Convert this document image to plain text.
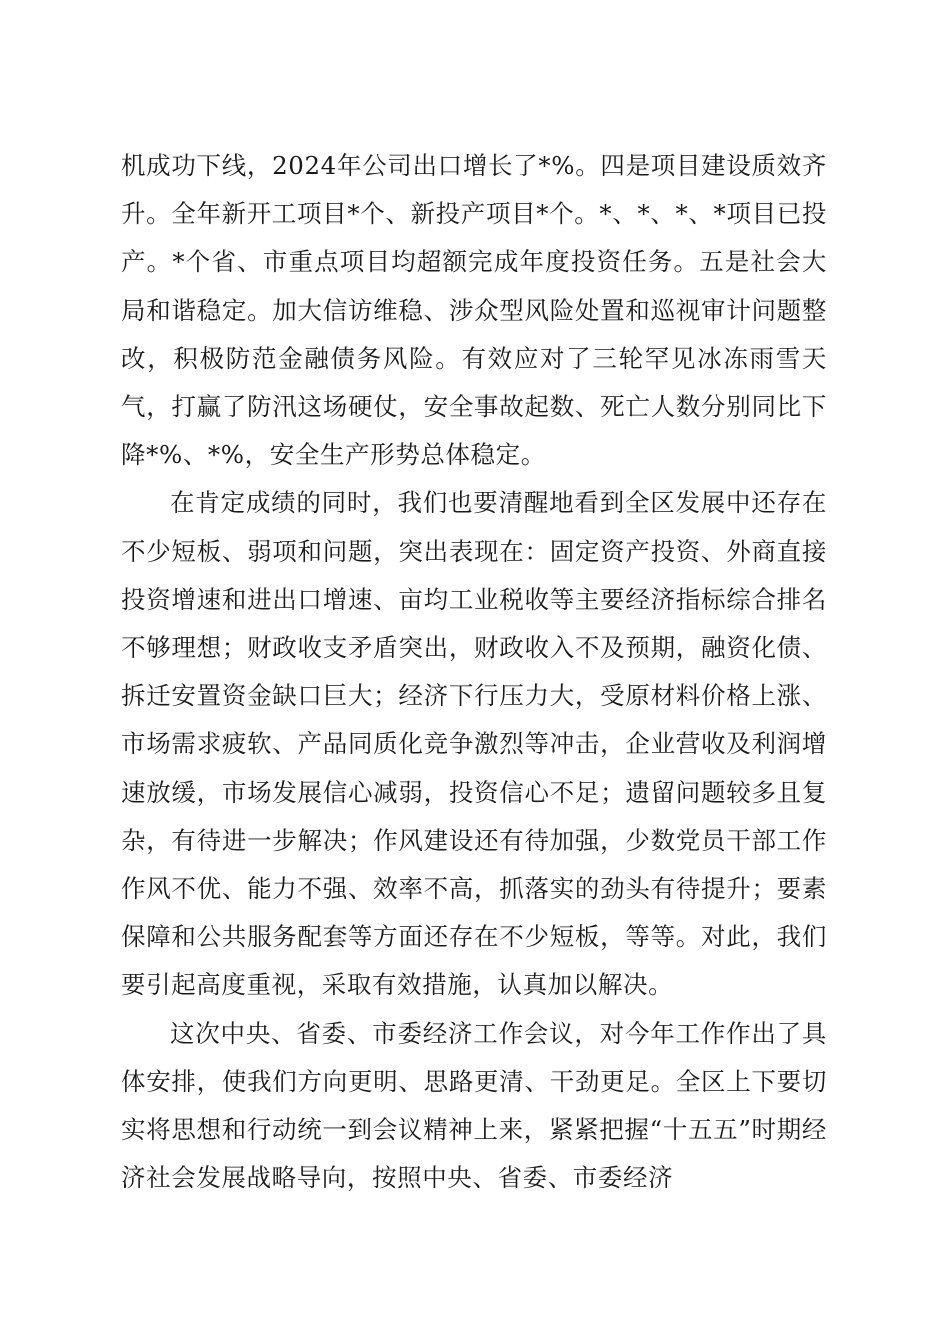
机成功下线，2024年公司出口增长了*%。四是项目建设质效齐升。全年新开工项目*个、新投产项目*个。*、*、*、*项目已投产。*个省、市重点项目均超额完成年度投资任务。五是社会大局和谐稳定。加大信访维稳、涉众型风险处置和巡视审计问题整改，积极防范金融债务风险。有效应对了三轮罕见冰冻雨雪天气，打赢了防汛这场硬仗，安全事故起数、死亡人数分别同比下降*%、*%，安全生产形势总体稳定。

在肯定成绩的同时，我们也要清醒地看到全区发展中还存在不少短板、弱项和问题，突出表现在：固定资产投资、外商直接投资增速和进出口增速、亩均工业税收等主要经济指标综合排名不够理想；财政收支矛盾突出，财政收入不及预期，融资化债、拆迁安置资金缺口巨大；经济下行压力大，受原材料价格上涨、市场需求疲软、产品同质化竞争激烈等冲击，企业营收及利润增速放缓，市场发展信心减弱，投资信心不足；遗留问题较多且复杂，有待进一步解决；作风建设还有待加强，少数党员干部工作作风不优、能力不强、效率不高，抓落实的劲头有待提升；要素保障和公共服务配套等方面还存在不少短板，等等。对此，我们要引起高度重视，采取有效措施，认真加以解决。

这次中央、省委、市委经济工作会议，对今年工作作出了具体安排，使我们方向更明、思路更清、干劲更足。全区上下要切实将思想和行动统一到会议精神上来，紧紧把握“十五五”时期经济社会发展战略导向，按照中央、省委、市委经济
